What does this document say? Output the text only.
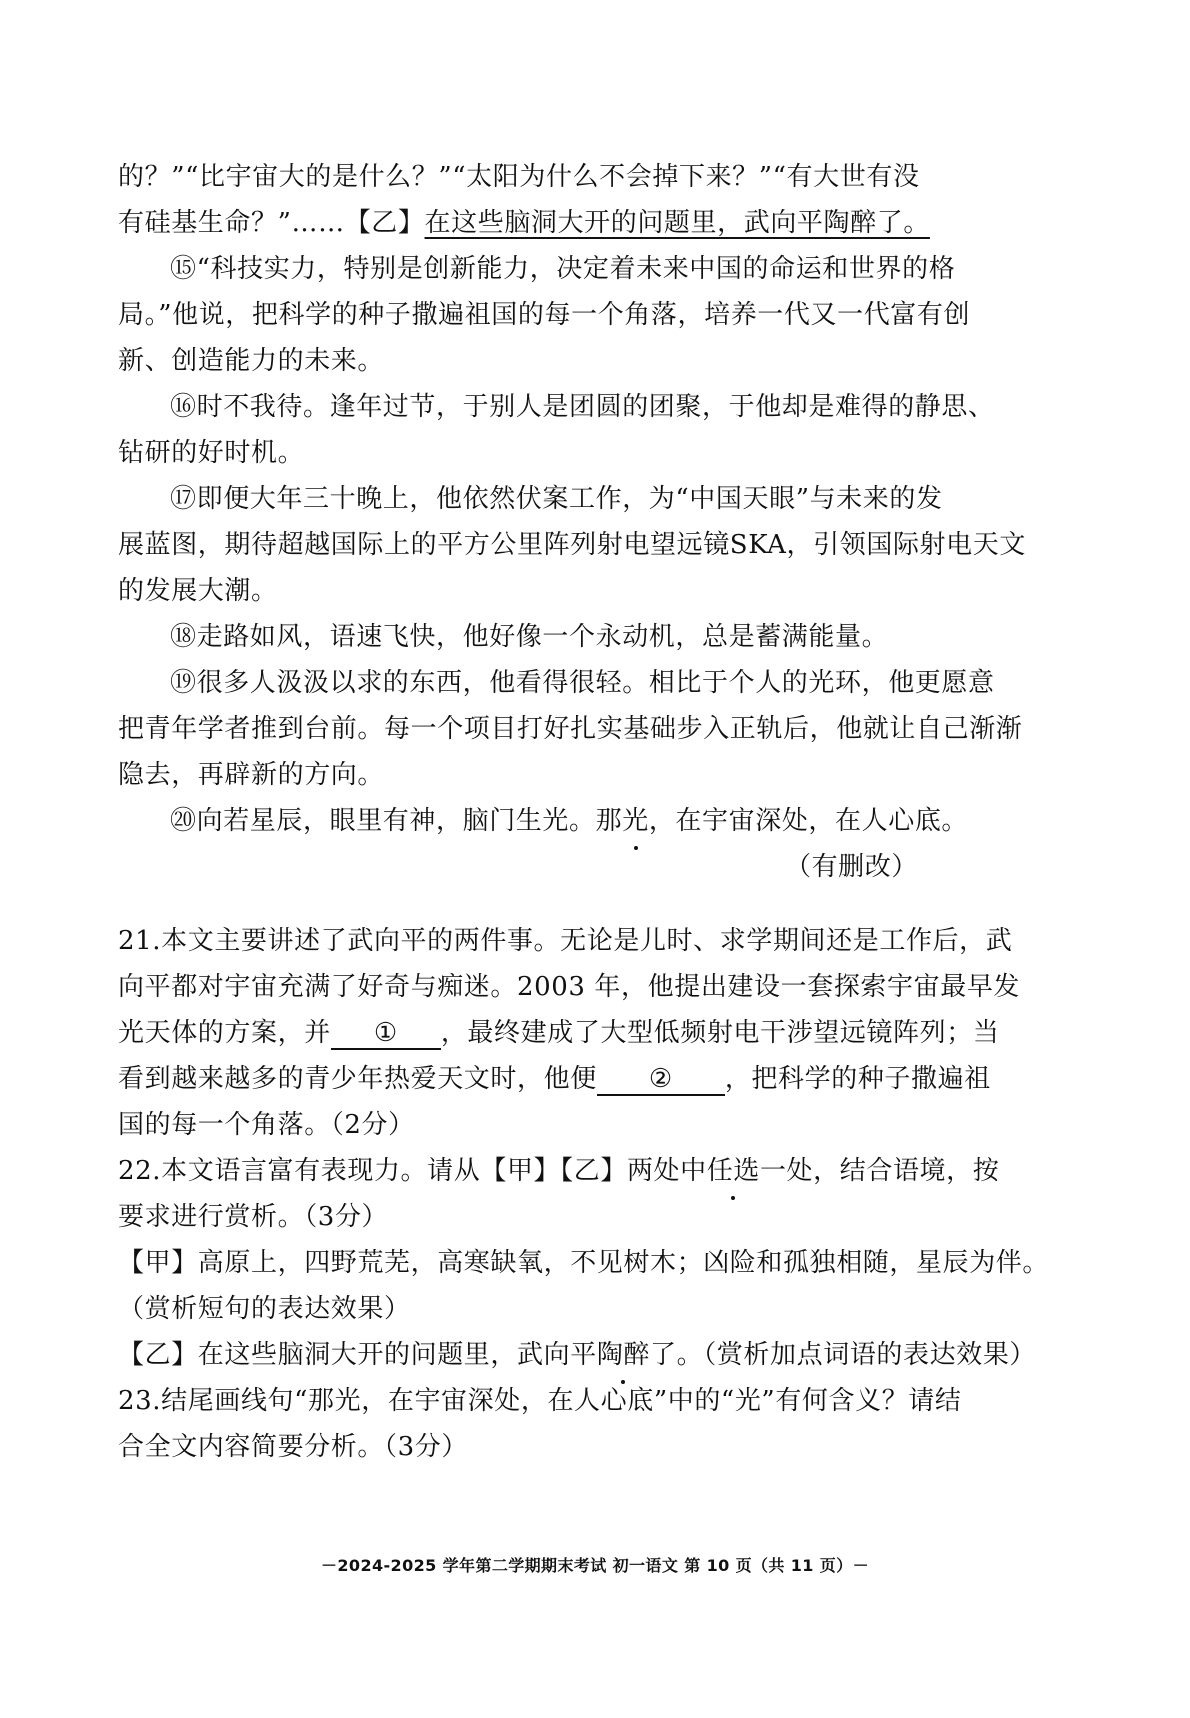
的？”“比宇宙大的是什么？”“太阳为什么不会掉下来？”“有大世有没
有硅基生命？”……【乙】在这些脑洞大开的问题里，武向平陶醉了。
⑮“科技实力，特别是创新能力，决定着未来中国的命运和世界的格
局。”他说，把科学的种子撒遍祖国的每一个角落，培养一代又一代富有创
新、创造能力的未来。
⑯时不我待。逢年过节，于别人是团圆的团聚，于他却是难得的静思、
钻研的好时机。
⑰即便大年三十晚上，他依然伏案工作，为“中国天眼”与未来的发
展蓝图，期待超越国际上的平方公里阵列射电望远镜SKA，引领国际射电天文
的发展大潮。
⑱走路如风，语速飞快，他好像一个永动机，总是蓄满能量。
⑲很多人汲汲以求的东西，他看得很轻。相比于个人的光环，他更愿意
把青年学者推到台前。每一个项目打好扎实基础步入正轨后，他就让自己渐渐
隐去，再辟新的方向。
⑳向若星辰，眼里有神，脑门生光。那光，在宇宙深处，在人心底。
（有删改）
21.本文主要讲述了武向平的两件事。无论是儿时、求学期间还是工作后，武
向平都对宇宙充满了好奇与痴迷。2003 年，他提出建设一套探索宇宙最早发
光天体的方案，并 ① ，最终建成了大型低频射电干涉望远镜阵列；当
看到越来越多的青少年热爱天文时，他便 ② ，把科学的种子撒遍祖
国的每一个角落。（2分）
22.本文语言富有表现力。请从【甲】【乙】两处中任选一处，结合语境，按
要求进行赏析。（3分）
【甲】高原上，四野荒芜，高寒缺氧，不见树木；凶险和孤独相随，星辰为伴。
（赏析短句的表达效果）
【乙】在这些脑洞大开的问题里，武向平陶醉了。（赏析加点词语的表达效果）
23.结尾画线句“那光，在宇宙深处，在人心底”中的“光”有何含义？请结
合全文内容简要分析。（3分）
－2024-2025 学年第二学期期末考试 初一语文 第 10 页（共 11 页）－
